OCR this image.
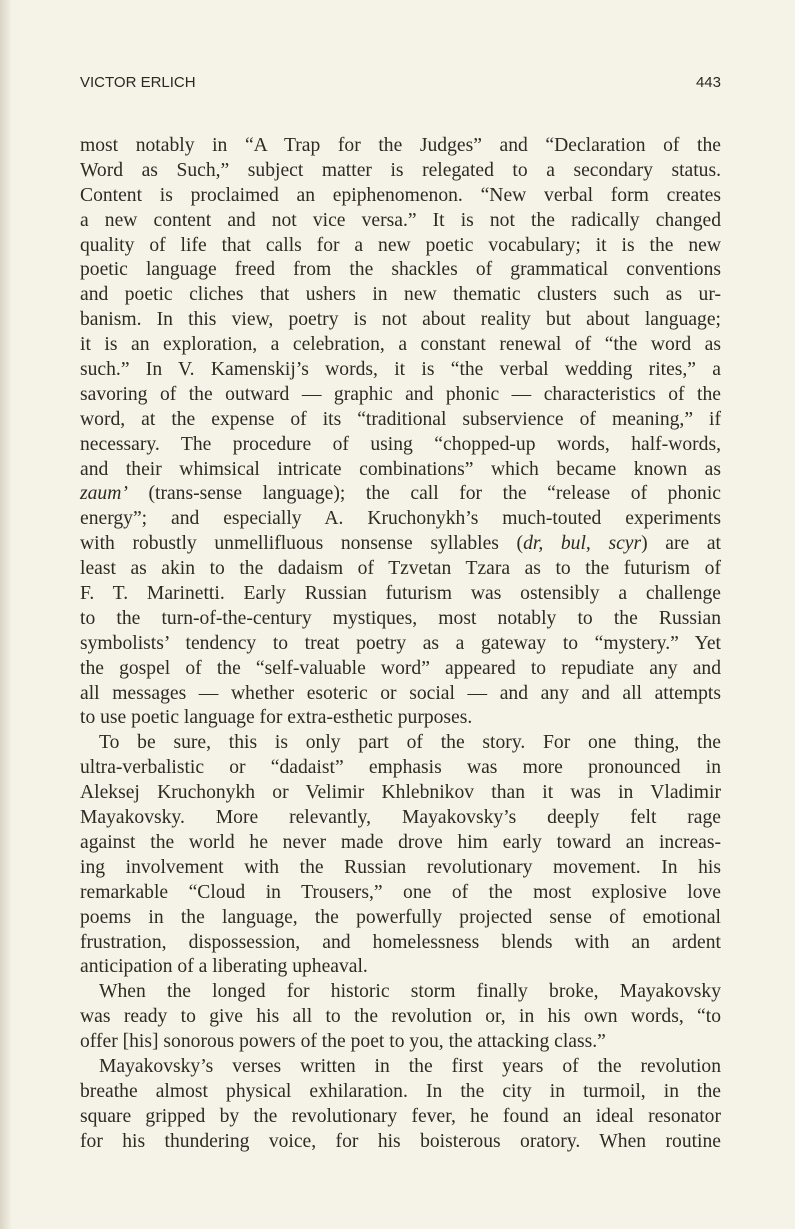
VICTOR ERLICH	443
most notably in “A Trap for the Judges” and “Declaration of the
Word as Such,” subject matter is relegated to a secondary status.
Content is proclaimed an epiphenomenon. “New verbal form creates
a new content and not vice versa.” It is not the radically changed
quality of life that calls for a new poetic vocabulary; it is the new
poetic language freed from the shackles of grammatical conventions
and poetic cliches that ushers in new thematic clusters such as ur-
banism. In this view, poetry is not about reality but about language;
it is an exploration, a celebration, a constant renewal of “the word as
such.” In V. Kamenskij’s words, it is “the verbal wedding rites,” a
savoring of the outward — graphic and phonic — characteristics of the
word, at the expense of its “traditional subservience of meaning,” if
necessary. The procedure of using “chopped-up words, half-words,
and their whimsical intricate combinations” which became known as
zaum’ (trans-sense language); the call for the “release of phonic
energy”; and especially A. Kruchonykh’s much-touted experiments
with robustly unmellifluous nonsense syllables (dr, bul, scyr) are at
least as akin to the dadaism of Tzvetan Tzara as to the futurism of
F. T. Marinetti. Early Russian futurism was ostensibly a challenge
to the turn-of-the-century mystiques, most notably to the Russian
symbolists’ tendency to treat poetry as a gateway to “mystery.” Yet
the gospel of the “self-valuable word” appeared to repudiate any and
all messages — whether esoteric or social — and any and all attempts
to use poetic language for extra-esthetic purposes.
To be sure, this is only part of the story. For one thing, the
ultra-verbalistic or “dadaist” emphasis was more pronounced in
Aleksej Kruchonykh or Velimir Khlebnikov than it was in Vladimir
Mayakovsky. More relevantly, Mayakovsky’s deeply felt rage
against the world he never made drove him early toward an increas-
ing involvement with the Russian revolutionary movement. In his
remarkable “Cloud in Trousers,” one of the most explosive love
poems in the language, the powerfully projected sense of emotional
frustration, dispossession, and homelessness blends with an ardent
anticipation of a liberating upheaval.
When the longed for historic storm finally broke, Mayakovsky
was ready to give his all to the revolution or, in his own words, “to
offer [his] sonorous powers of the poet to you, the attacking class.”
Mayakovsky’s verses written in the first years of the revolution
breathe almost physical exhilaration. In the city in turmoil, in the
square gripped by the revolutionary fever, he found an ideal resonator
for his thundering voice, for his boisterous oratory. When routine
